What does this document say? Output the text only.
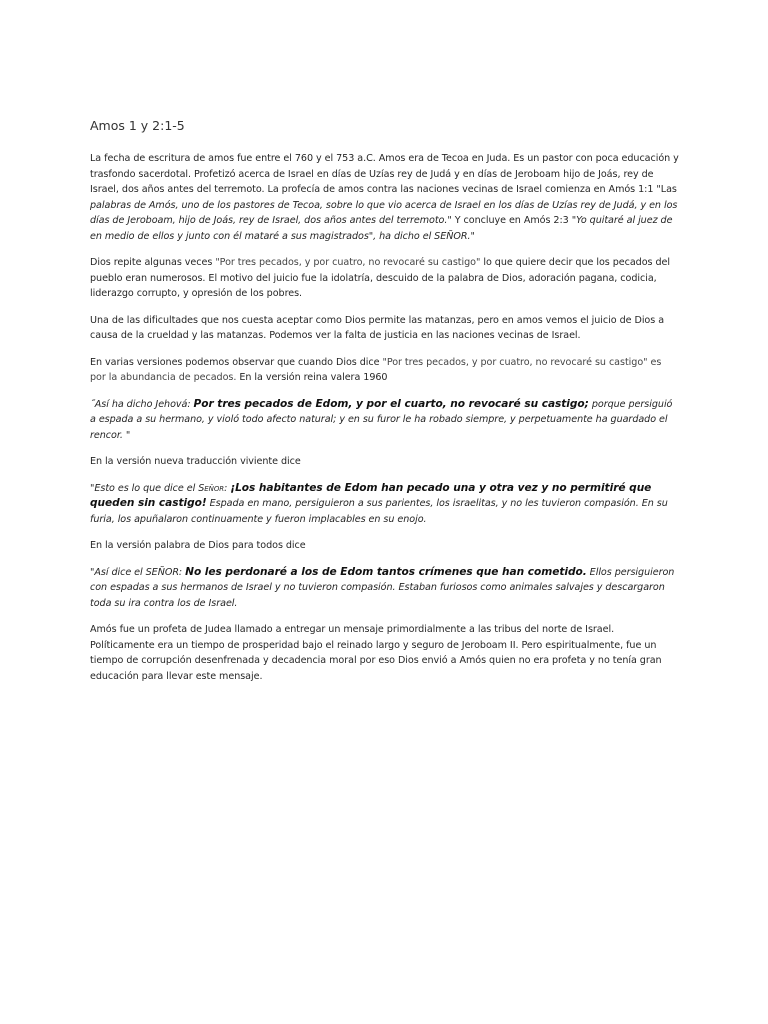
Amos 1 y 2:1-5

La fecha de escritura de amos fue entre el 760 y el 753 a.C. Amos era de Tecoa en Juda. Es un pastor con poca educación y trasfondo sacerdotal. Profetizó acerca de Israel en días de Uzías rey de Judá y en días de Jeroboam hijo de Joás, rey de Israel, dos años antes del terremoto. La profecía de amos contra las naciones vecinas de Israel comienza en Amós 1:1 "Las palabras de Amós, uno de los pastores de Tecoa, sobre lo que vio acerca de Israel en los días de Uzías rey de Judá, y en los días de Jeroboam, hijo de Joás, rey de Israel, dos años antes del terremoto." Y concluye en Amós 2:3 "Yo quitaré al juez de en medio de ellos y junto con él mataré a sus magistrados", ha dicho el SEÑOR."

Dios repite algunas veces "Por tres pecados, y por cuatro, no revocaré su castigo" lo que quiere decir que los pecados del pueblo eran numerosos. El motivo del juicio fue la idolatría, descuido de la palabra de Dios, adoración pagana, codicia, liderazgo corrupto, y opresión de los pobres.

Una de las dificultades que nos cuesta aceptar como Dios permite las matanzas, pero en amos vemos el juicio de Dios a causa de la crueldad y las matanzas. Podemos ver la falta de justicia en las naciones vecinas de Israel.

En varias versiones podemos observar que cuando Dios dice "Por tres pecados, y por cuatro, no revocaré su castigo" es por la abundancia de pecados. En la versión reina valera 1960

˝Así ha dicho Jehová: Por tres pecados de Edom, y por el cuarto, no revocaré su castigo; porque persiguió a espada a su hermano, y violó todo afecto natural; y en su furor le ha robado siempre, y perpetuamente ha guardado el rencor. "

En la versión nueva traducción viviente dice

"Esto es lo que dice el Señor: ¡Los habitantes de Edom han pecado una y otra vez y no permitiré que queden sin castigo! Espada en mano, persiguieron a sus parientes, los israelitas, y no les tuvieron compasión. En su furia, los apuñalaron continuamente y fueron implacables en su enojo.

En la versión palabra de Dios para todos dice

"Así dice el SEÑOR: No les perdonaré a los de Edom tantos crímenes que han cometido. Ellos persiguieron con espadas a sus hermanos de Israel y no tuvieron compasión. Estaban furiosos como animales salvajes y descargaron toda su ira contra los de Israel.

Amós fue un profeta de Judea llamado a entregar un mensaje primordialmente a las tribus del norte de Israel. Políticamente era un tiempo de prosperidad bajo el reinado largo y seguro de Jeroboam II. Pero espiritualmente, fue un tiempo de corrupción desenfrenada y decadencia moral por eso Dios envió a Amós quien no era profeta y no tenía gran educación para llevar este mensaje.
